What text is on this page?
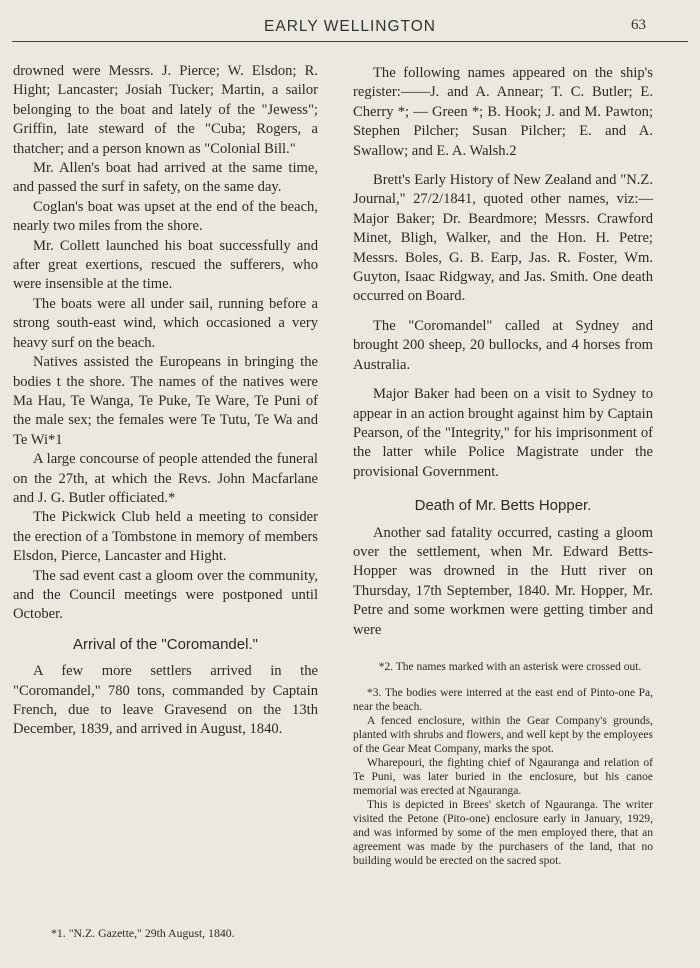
EARLY WELLINGTON	63

drowned were Messrs. J. Pierce; W. Elsdon; R. Hight; Lancaster; Josiah Tucker; Martin, a sailor belonging to the boat and lately of the "Jewess"; Griffin, late steward of the "Cuba; Rogers, a thatcher; and a person known as "Colonial Bill."

Mr. Allen's boat had arrived at the same time, and passed the surf in safety, on the same day.

Coglan's boat was upset at the end of the beach, nearly two miles from the shore.

Mr. Collett launched his boat successfully and after great exertions, rescued the sufferers, who were insensible at the time.

The boats were all under sail, running before a strong south-east wind, which occasioned a very heavy surf on the beach.

Natives assisted the Europeans in bringing the bodies t‌ the shore. The names of the natives were Ma Hau, Te Wanga, Te Puke, Te Ware, Te Puni of the male sex; the females were Te Tutu, Te Wa and Te Wi*1

A large concourse of people attended the funeral on the 27th, at which the Revs. John Macfarlane and J. G. Butler officiated.*

The Pickwick Club held a meeting to consider the erection of a Tombstone in memory of members Elsdon, Pierce, Lancaster and Hight.

The sad event cast a gloom over the community, and the Council meetings were postponed until October.

Arrival of the "Coromandel."

A few more settlers arrived in the "Coromandel," 780 tons, commanded by Captain French, due to leave Gravesend on the 13th December, 1839, and arrived in August, 1840.

*1. "N.Z. Gazette," 29th August, 1840.

The following names appeared on the ship's register:——J. and A. Annear; T. C. Butler; E. Cherry *; — Green *; B. Hook; J. and M. Pawton; Stephen Pilcher; Susan Pilcher; E. and A. Swallow; and E. A. Walsh.2

Brett's Early History of New Zealand and "N.Z. Journal," 27/2/1841, quoted other names, viz:—Major Baker; Dr. Beardmore; Messrs. Crawford Minet, Bligh, Walker, and the Hon. H. Petre; Messrs. Boles, G. B. Earp, Jas. R. Foster, Wm. Guyton, Isaac Ridgway, and Jas. Smith. One death occurred on Board.

The "Coromandel" called at Sydney and brought 200 sheep, 20 bullocks, and 4 horses from Australia.

Major Baker had been on a visit to Sydney to appear in an action brought against him by Captain Pearson, of the "Integrity," for his imprisonment of the latter while Police Magistrate under the provisional Government.

Death of Mr. Betts Hopper.

Another sad fatality occurred, casting a gloom over the settlement, when Mr. Edward Betts-Hopper was drowned in the Hutt river on Thursday, 17th September, 1840. Mr. Hopper, Mr. Petre and some workmen were getting timber and were

*2. The names marked with an asterisk were crossed out.

*3. The bodies were interred at the east end of Pinto-one Pa, near the beach.

A fenced enclosure, within the Gear Company's grounds, planted with shrubs and flowers, and well kept by the employees of the Gear Meat Company, marks the spot.

Wharepouri, the fighting chief of Ngauranga and relation of Te Puni, was later buried in the enclosure, but his canoe memorial was erected at Ngauranga.

This is depicted in Brees' sketch of Ngauranga. The writer visited the Petone (Pito-one) enclosure early in January, 1929, and was informed by some of the men employed there, that an agreement was made by the purchasers of the land, that no building would be erected on the sacred spot.
